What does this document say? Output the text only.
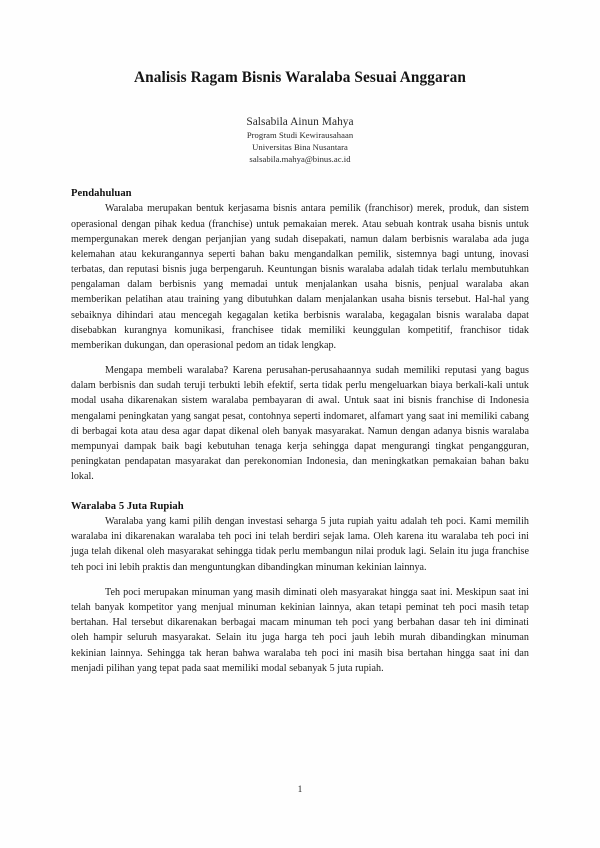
Analisis Ragam Bisnis Waralaba Sesuai Anggaran
Salsabila Ainun Mahya
Program Studi Kewirausahaan
Universitas Bina Nusantara
salsabila.mahya@binus.ac.id
Pendahuluan

Waralaba merupakan bentuk kerjasama bisnis antara pemilik (franchisor) merek, produk, dan sistem operasional dengan pihak kedua (franchise) untuk pemakaian merek. Atau sebuah kontrak usaha bisnis untuk mempergunakan merek dengan perjanjian yang sudah disepakati, namun dalam berbisnis waralaba ada juga kelemahan atau kekurangannya seperti bahan baku mengandalkan pemilik, sistemnya bagi untung, inovasi terbatas, dan reputasi bisnis juga berpengaruh. Keuntungan bisnis waralaba adalah tidak terlalu membutuhkan pengalaman dalam berbisnis yang memadai untuk menjalankan usaha bisnis, penjual waralaba akan memberikan pelatihan atau training yang dibutuhkan dalam menjalankan usaha bisnis tersebut. Hal-hal yang sebaiknya dihindari atau mencegah kegagalan ketika berbisnis waralaba, kegagalan bisnis waralaba dapat disebabkan kurangnya komunikasi, franchisee tidak memiliki keunggulan kompetitif, franchisor tidak memberikan dukungan, dan operasional pedom an tidak lengkap.

Mengapa membeli waralaba? Karena perusahan-perusahaannya sudah memiliki reputasi yang bagus dalam berbisnis dan sudah teruji terbukti lebih efektif, serta tidak perlu mengeluarkan biaya berkali-kali untuk modal usaha dikarenakan sistem waralaba pembayaran di awal. Untuk saat ini bisnis franchise di Indonesia mengalami peningkatan yang sangat pesat, contohnya seperti indomaret, alfamart yang saat ini memiliki cabang di berbagai kota atau desa agar dapat dikenal oleh banyak masyarakat. Namun dengan adanya bisnis waralaba mempunyai dampak baik bagi kebutuhan tenaga kerja sehingga dapat mengurangi tingkat pengangguran, peningkatan pendapatan masyarakat dan perekonomian Indonesia, dan meningkatkan pemakaian bahan baku lokal.

Waralaba 5 Juta Rupiah

Waralaba yang kami pilih dengan investasi seharga 5 juta rupiah yaitu adalah teh poci. Kami memilih waralaba ini dikarenakan waralaba teh poci ini telah berdiri sejak lama. Oleh karena itu waralaba teh poci ini juga telah dikenal oleh masyarakat sehingga tidak perlu membangun nilai produk lagi. Selain itu juga franchise teh poci ini lebih praktis dan menguntungkan dibandingkan minuman kekinian lainnya.

Teh poci merupakan minuman yang masih diminati oleh masyarakat hingga saat ini. Meskipun saat ini telah banyak kompetitor yang menjual minuman kekinian lainnya, akan tetapi peminat teh poci masih tetap bertahan. Hal tersebut dikarenakan berbagai macam minuman teh poci yang berbahan dasar teh ini diminati oleh hampir seluruh masyarakat. Selain itu juga harga teh poci jauh lebih murah dibandingkan minuman kekinian lainnya. Sehingga tak heran bahwa waralaba teh poci ini masih bisa bertahan hingga saat ini dan menjadi pilihan yang tepat pada saat memiliki modal sebanyak 5 juta rupiah.

1
